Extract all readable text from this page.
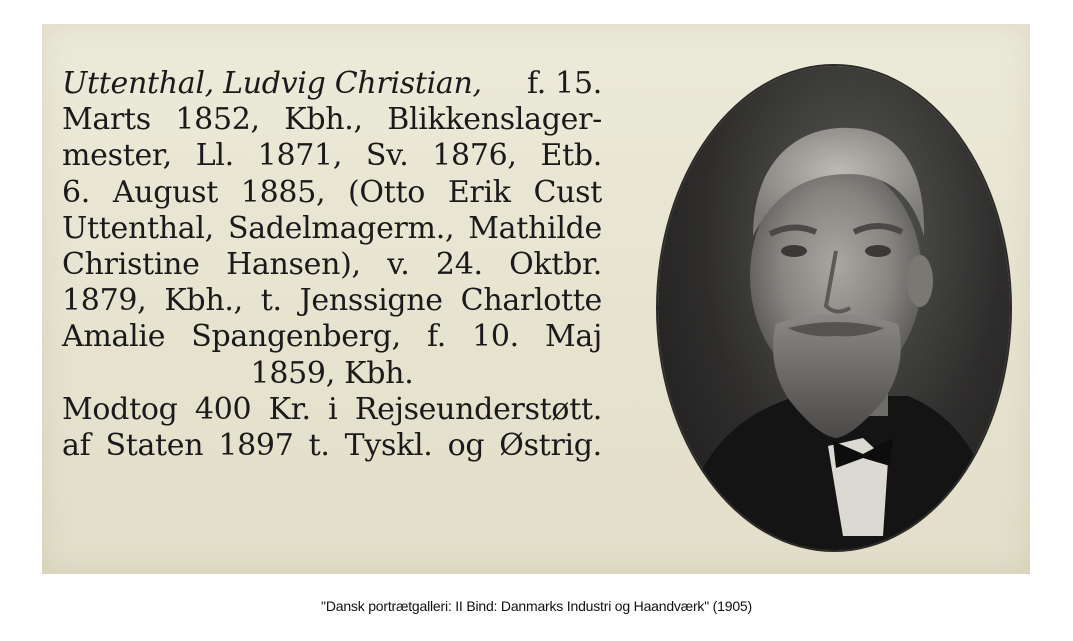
Uttenthal, Ludvig Christian, f. 15.
Marts 1852, Kbh., Blikkenslager-
mester, Ll. 1871, Sv. 1876, Etb.
6. August 1885, (Otto Erik Cust
Uttenthal, Sadelmagerm., Mathilde
Christine Hansen), v. 24. Oktbr.
1879, Kbh., t. Jenssigne Charlotte
Amalie Spangenberg, f. 10. Maj
1859, Kbh.
Modtog 400 Kr. i Rejseunderstøtt.
af Staten 1897 t. Tyskl. og Østrig.
"Dansk portrætgalleri: II Bind: Danmarks Industri og Haandværk" (1905)
